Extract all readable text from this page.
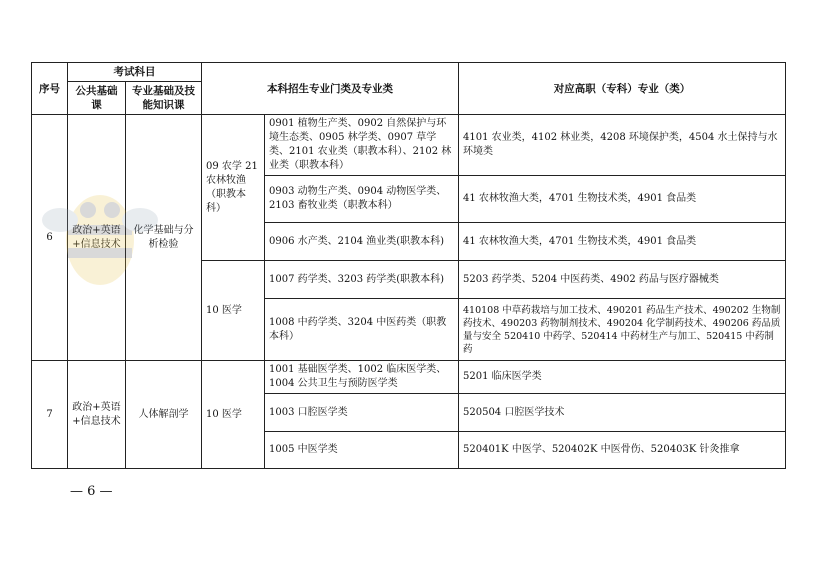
序号	考试科目		本科招生专业门类及专业类		对应高职（专科）专业（类）
	公共基础课	专业基础及技能知识课			
6	政治+英语+信息技术	化学基础与分析检验	09 农学 21 农林牧渔（职教本科）	0901 植物生产类、0902 自然保护与环境生态类、0905 林学类、0907 草学类、2101 农业类（职教本科）、2102 林业类（职教本科）	4101 农业类，4102 林业类，4208 环境保护类，4504 水土保持与水环境类
				0903 动物生产类、0904 动物医学类、2103 畜牧业类（职教本科）	41 农林牧渔大类，4701 生物技术类，4901 食品类
				0906 水产类、2104 渔业类(职教本科)	41 农林牧渔大类，4701 生物技术类，4901 食品类
			10 医学	1007 药学类、3203 药学类(职教本科)	5203 药学类、5204 中医药类、4902 药品与医疗器械类
				1008 中药学类、3204 中医药类（职教本科）	410108 中草药栽培与加工技术、490201 药品生产技术、490202 生物制药技术、490203 药物制剂技术、490204 化学制药技术、490206 药品质量与安全 520410 中药学、520414 中药材生产与加工、520415 中药制药
7	政治+英语+信息技术	人体解剖学	10 医学	1001 基础医学类、1002 临床医学类、1004 公共卫生与预防医学类	5201 临床医学类
				1003 口腔医学类	520504 口腔医学技术
				1005 中医学类	520401K 中医学、520402K 中医骨伤、520403K 针灸推拿
— 6 —
